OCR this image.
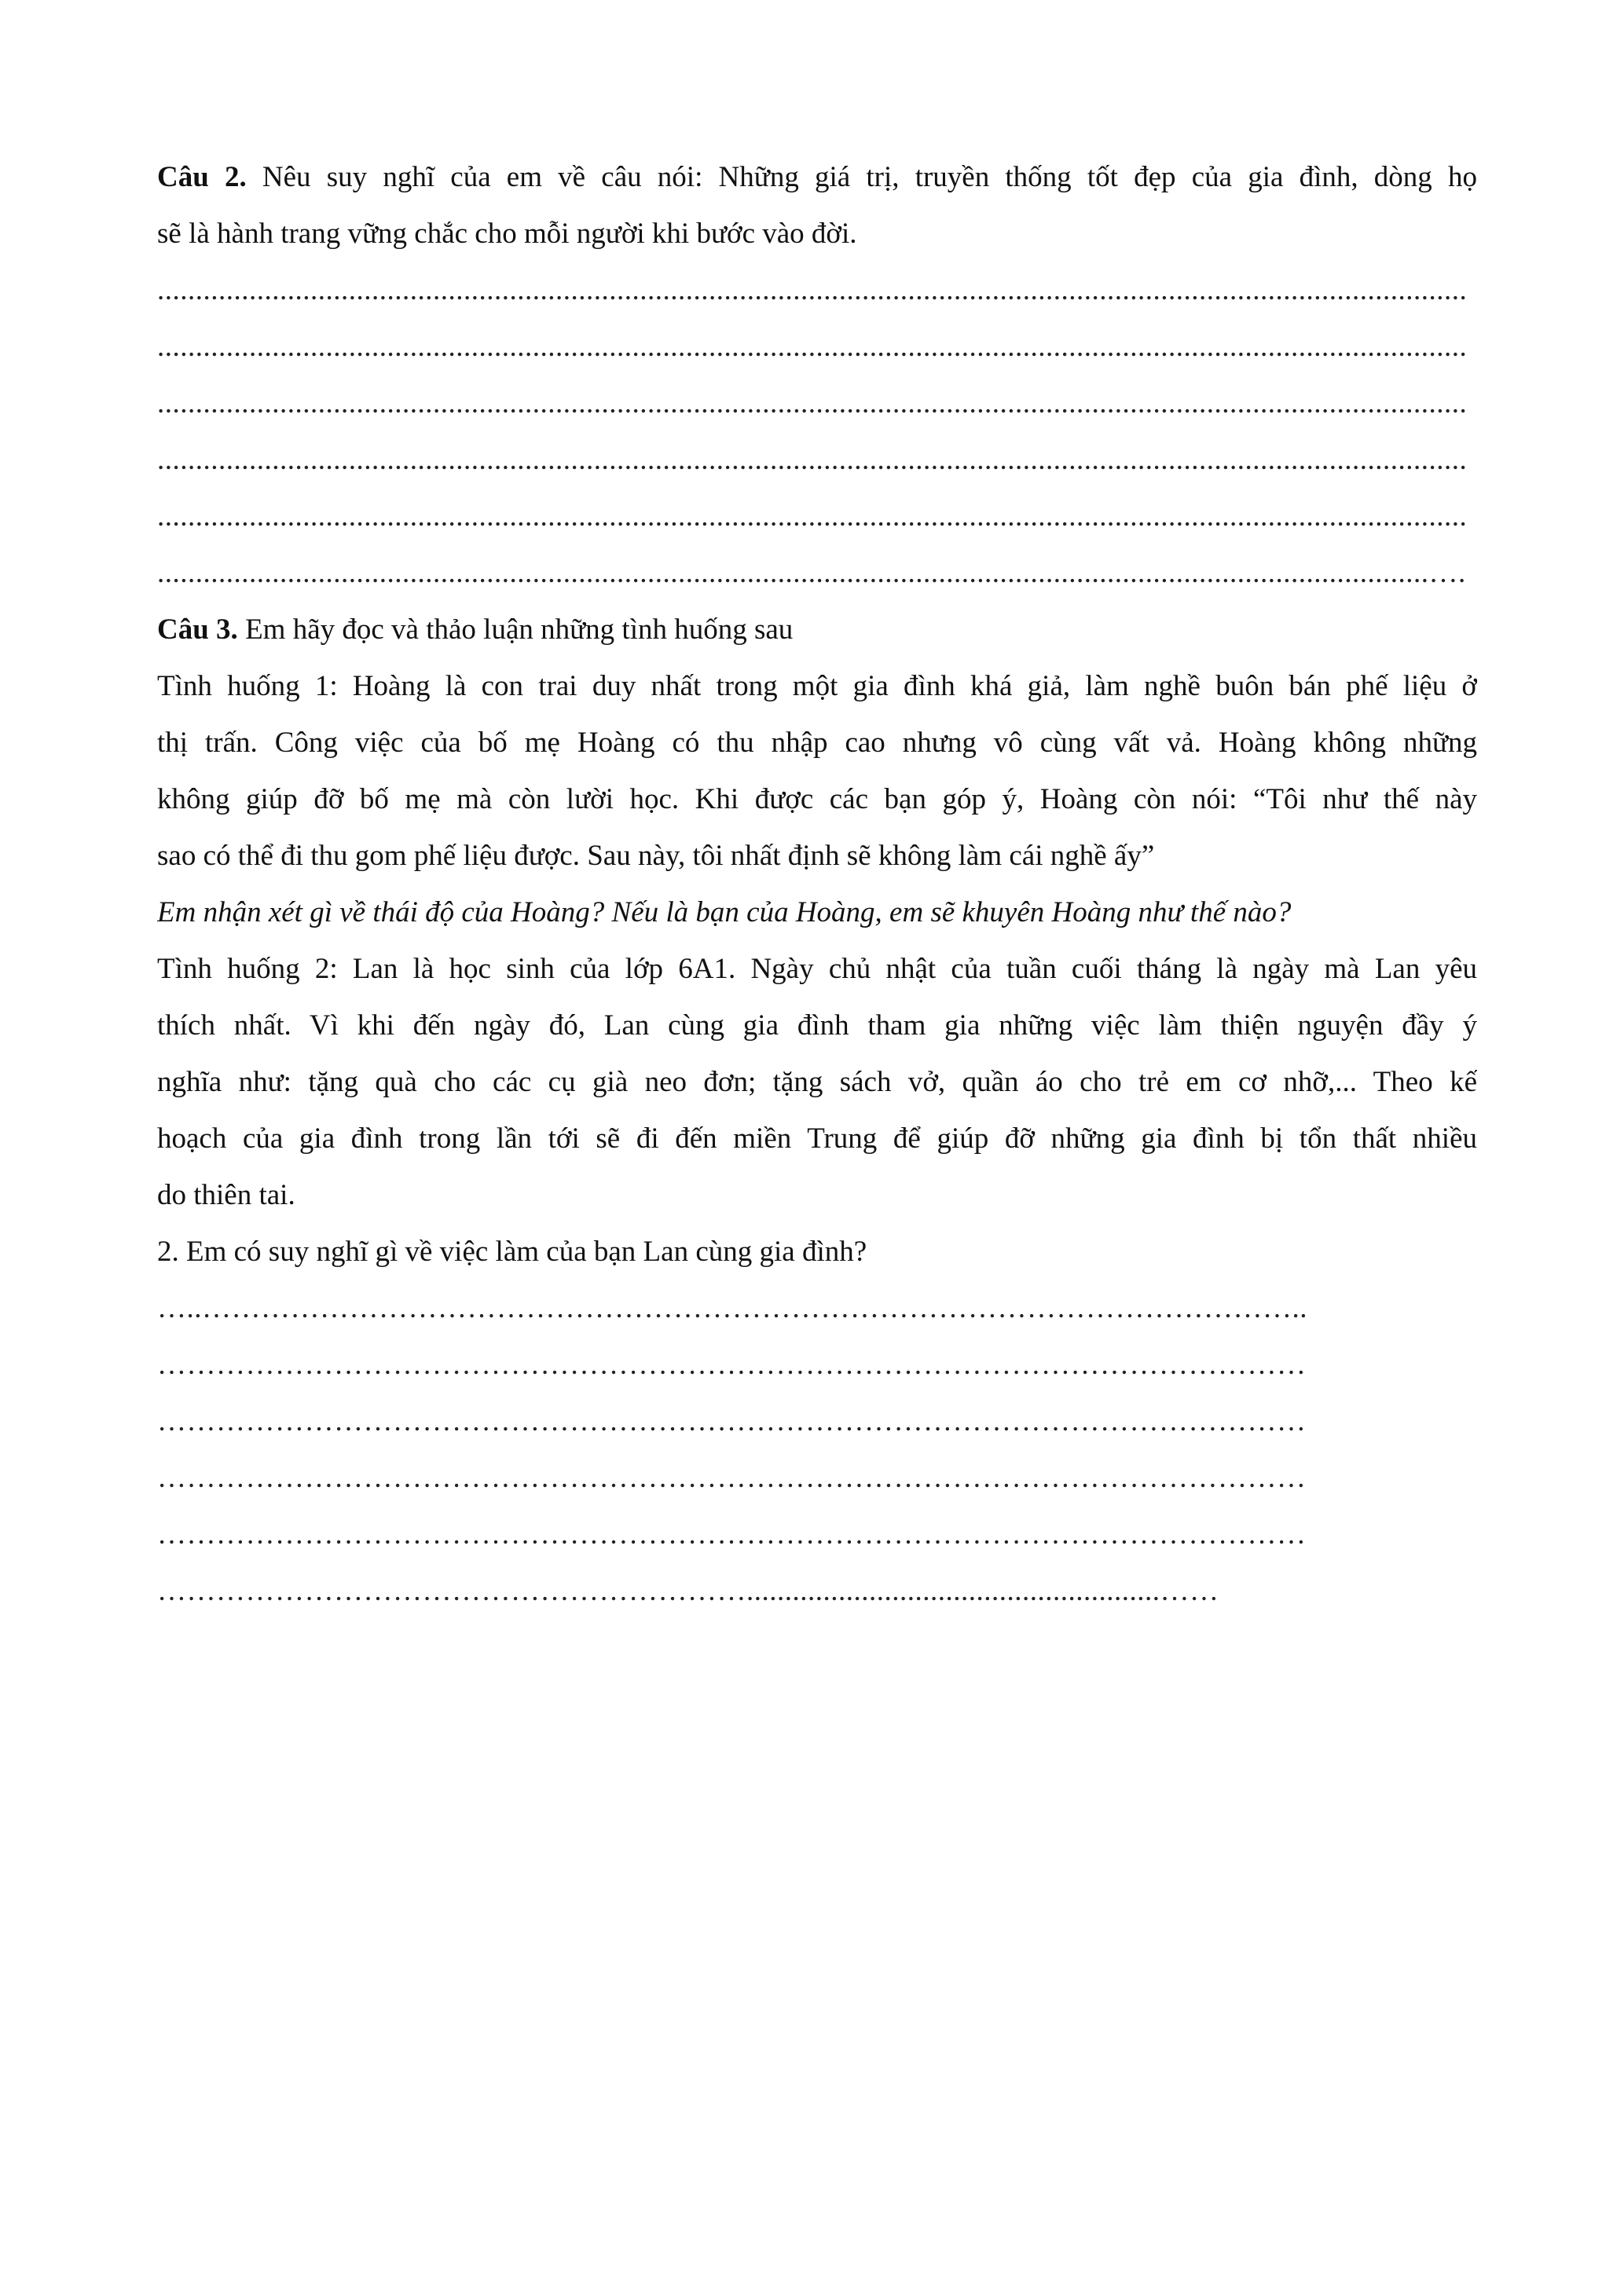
Câu 2. Nêu suy nghĩ của em về câu nói: Những giá trị, truyền thống tốt đẹp của gia đình, dòng họ
sẽ là hành trang vững chắc cho mỗi người khi bước vào đời.
...........................................................................................................................................................................
...........................................................................................................................................................................
...........................................................................................................................................................................
...........................................................................................................................................................................
...........................................................................................................................................................................
......................................................................................................................................................................….
Câu 3. Em hãy đọc và thảo luận những tình huống sau
Tình huống 1: Hoàng là con trai duy nhất trong một gia đình khá giả, làm nghề buôn bán phế liệu ở
thị trấn. Công việc của bố mẹ Hoàng có thu nhập cao nhưng vô cùng vất vả. Hoàng không những
không giúp đỡ bố mẹ mà còn lười học. Khi được các bạn góp ý, Hoàng còn nói: “Tôi như thế này
sao có thể đi thu gom phế liệu được. Sau này, tôi nhất định sẽ không làm cái nghề ấy”
Em nhận xét gì về thái độ của Hoàng? Nếu là bạn của Hoàng, em sẽ khuyên Hoàng như thế nào?
Tình huống 2: Lan là học sinh của lớp 6A1. Ngày chủ nhật của tuần cuối tháng là ngày mà Lan yêu
thích nhất. Vì khi đến ngày đó, Lan cùng gia đình tham gia những việc làm thiện nguyện đầy ý
nghĩa như: tặng quà cho các cụ già neo đơn; tặng sách vở, quần áo cho trẻ em cơ nhỡ,... Theo kế
hoạch của gia đình trong lần tới sẽ đi đến miền Trung để giúp đỡ những gia đình bị tổn thất nhiều
do thiên tai.
2. Em có suy nghĩ gì về việc làm của bạn Lan cùng gia đình?
…..…………………………………………………………………………………………………..
………………………………………………………………………………………………………
………………………………………………………………………………………………………
………………………………………………………………………………………………………
………………………………………………………………………………………………………
……………………………………………………......................................................……
